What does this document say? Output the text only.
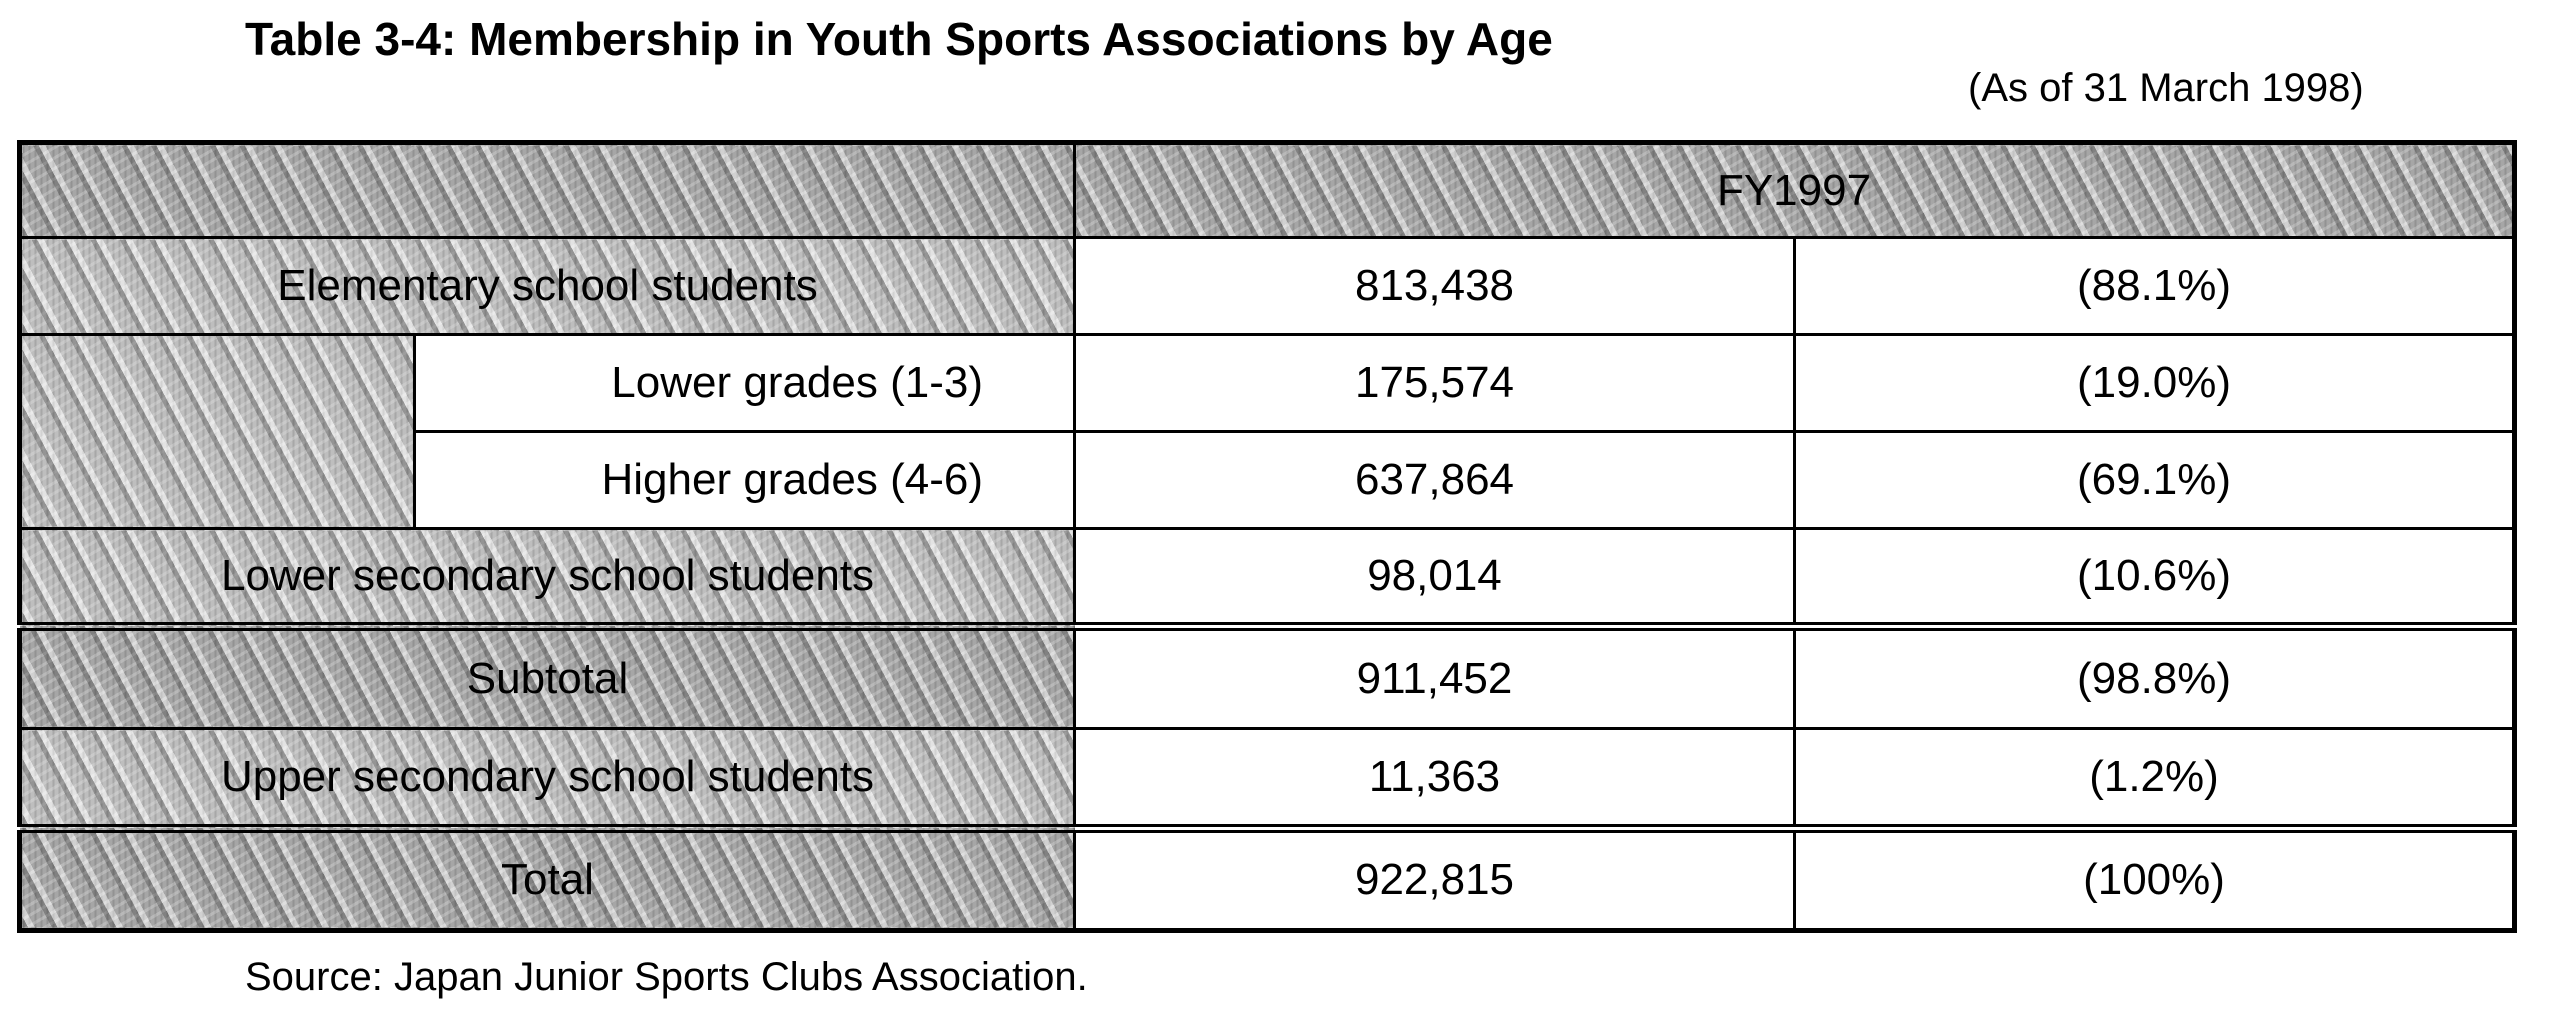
Table 3-4: Membership in Youth Sports Associations by Age
(As of 31 March 1998)
		FY1997	
Elementary school students		813,438	(88.1%)
	Lower grades (1-3)	175,574	(19.0%)
	Higher grades (4-6)	637,864	(69.1%)
Lower secondary school students		98,014	(10.6%)
Subtotal		911,452	(98.8%)
Upper secondary school students		11,363	(1.2%)
Total		922,815	(100%)
Source: Japan Junior Sports Clubs Association.
